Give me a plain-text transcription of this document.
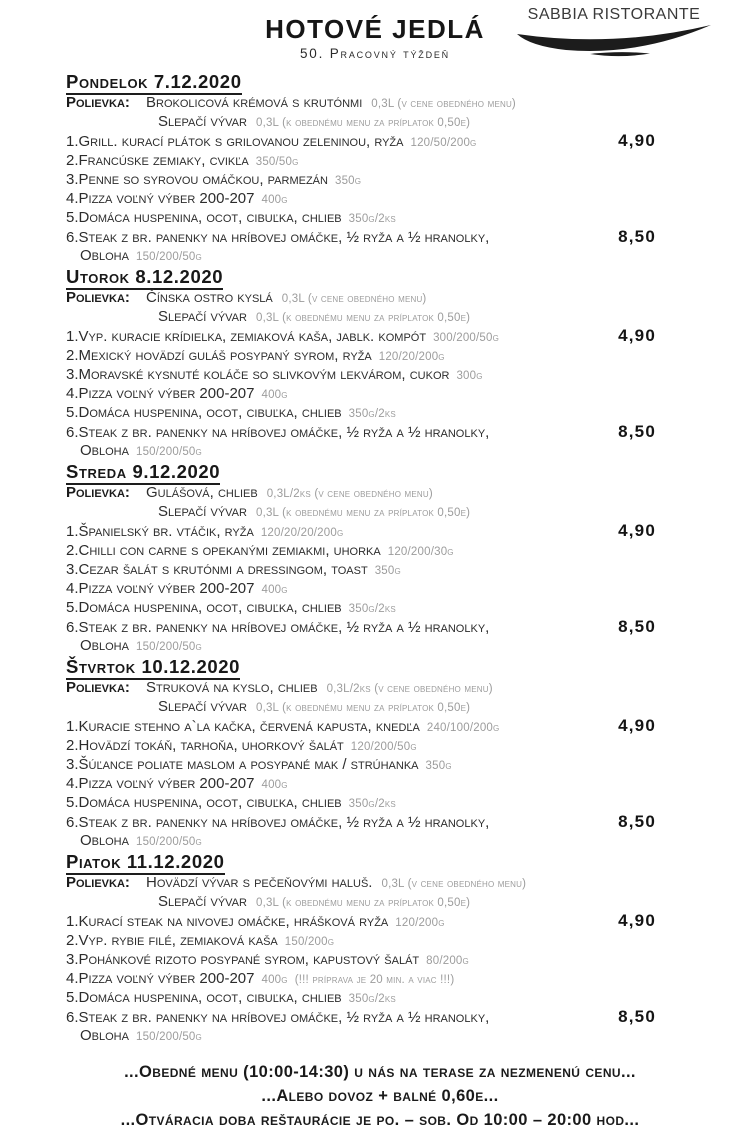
SABBIA RISTORANTE
HOTOVÉ JEDLÁ
50. Pracovný týždeň
Pondelok 7.12.2020
Polievka:	Brokolicová krémová s krutónmi 0,3L (v cene obedného menu)
Slepačí vývar 0,3L (k obednému menu za príplatok 0,50e)
1.Grill. kurací plátok s grilovanou zeleninou, ryža 120/50/200g	4,90
2.Francúske zemiaky, cvikľa 350/50g
3.Penne so syrovou omáčkou, parmezán 350g
4.Pizza voľný výber 200-207 400g
5.Domáca huspenina, ocot, cibuľka, chlieb 350g/2ks
6.Steak z br. panenky na hríbovej omáčke, ½ ryža a ½ hranolky,	8,50
Obloha 150/200/50g
Utorok 8.12.2020
Polievka:	Čínska ostro kyslá 0,3L (v cene obedného menu)
Slepačí vývar 0,3L (k obednému menu za príplatok 0,50e)
1.Vyp. kuracie krídielka, zemiaková kaša, jablk. kompót 300/200/50g	4,90
2.Mexický hovädzí guláš posypaný syrom, ryža 120/20/200g
3.Moravské kysnuté koláče so slivkovým lekvárom, cukor 300g
4.Pizza voľný výber 200-207 400g
5.Domáca huspenina, ocot, cibuľka, chlieb 350g/2ks
6.Steak z br. panenky na hríbovej omáčke, ½ ryža a ½ hranolky,	8,50
Obloha 150/200/50g
Streda 9.12.2020
Polievka:	Gulášová, chlieb 0,3L/2ks (v cene obedného menu)
Slepačí vývar 0,3L (k obednému menu za príplatok 0,50e)
1.Španielský br. vtáčik, ryža 120/20/20/200g	4,90
2.Chilli con carne s opekanými zemiakmi, uhorka 120/200/30g
3.Cezar šalát s krutónmi a dressingom, toast 350g
4.Pizza voľný výber 200-207 400g
5.Domáca huspenina, ocot, cibuľka, chlieb 350g/2ks
6.Steak z br. panenky na hríbovej omáčke, ½ ryža a ½ hranolky,	8,50
Obloha 150/200/50g
Štvrtok 10.12.2020
Polievka:	Struková na kyslo, chlieb 0,3L/2ks (v cene obedného menu)
Slepačí vývar 0,3L (k obednému menu za príplatok 0,50e)
1.Kuracie stehno a`la kačka, červená kapusta, knedľa 240/100/200g	4,90
2.Hovädzí tokáň, tarhoňa, uhorkový šalát 120/200/50g
3.Šúľance poliate maslom a posypané mak / strúhanka 350g
4.Pizza voľný výber 200-207 400g
5.Domáca huspenina, ocot, cibuľka, chlieb 350g/2ks
6.Steak z br. panenky na hríbovej omáčke, ½ ryža a ½ hranolky,	8,50
Obloha 150/200/50g
Piatok 11.12.2020
Polievka:	Hovädzí vývar s pečeňovými haluš. 0,3L (v cene obedného menu)
Slepačí vývar 0,3L (k obednému menu za príplatok 0,50e)
1.Kurací steak na nivovej omáčke, hrášková ryža 120/200g	4,90
2.Vyp. rybie filé, zemiaková kaša 150/200g
3.Pohánkové rizoto posypané syrom, kapustový šalát 80/200g
4.Pizza voľný výber 200-207 400g (!!! príprava je 20 min. a viac !!!)
5.Domáca huspenina, ocot, cibuľka, chlieb 350g/2ks
6.Steak z br. panenky na hríbovej omáčke, ½ ryža a ½ hranolky,	8,50
Obloha 150/200/50g
...Obedné menu (10:00-14:30) u nás na terase za nezmenenú cenu...
...Alebo dovoz + balné 0,60e...
...Otváracia doba reštaurácie je po. – sob. Od 10:00 – 20:00 hod...
